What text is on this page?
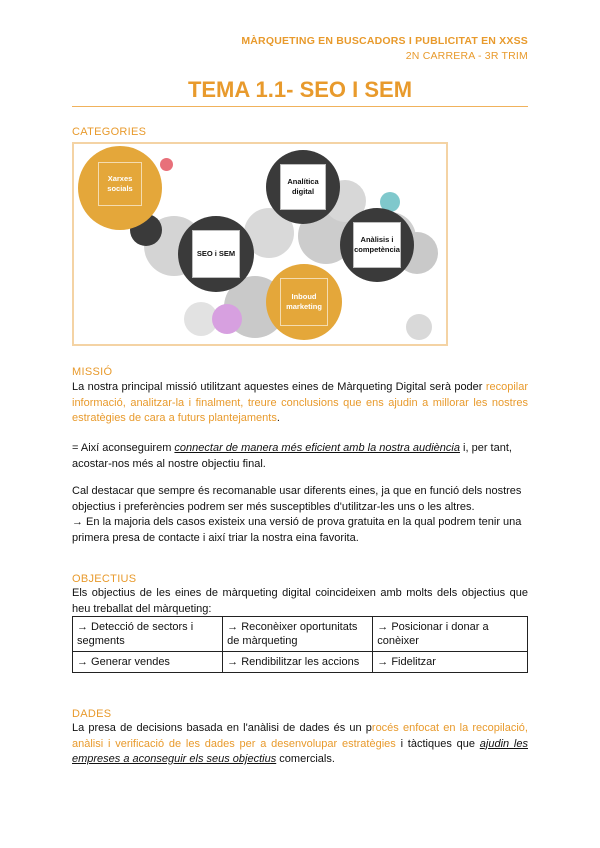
MÀRQUETING EN BUSCADORS I PUBLICITAT EN XXSS
2N CARRERA - 3R TRIM
TEMA 1.1- SEO I SEM
CATEGORIES
Xarxes socials
Analítica digital
SEO i SEM
Anàlisis i competència
Inboud marketing
MISSIÓ
La nostra principal missió utilitzant aquestes eines de Màrqueting Digital serà poder recopilar informació, analitzar-la i finalment, treure conclusions que ens ajudin a millorar les nostres estratègies de cara a futurs plantejaments.
= Així aconseguirem connectar de manera més eficient amb la nostra audiència i, per tant, acostar-nos més al nostre objectiu final.
Cal destacar que sempre és recomanable usar diferents eines, ja que en funció dels nostres objectius i preferències podrem ser més susceptibles d'utilitzar-les uns o les altres.
→ En la majoria dels casos existeix una versió de prova gratuita en la qual podrem tenir una primera presa de contacte i així triar la nostra eina favorita.
OBJECTIUS
Els objectius de les eines de màrqueting digital coincideixen amb molts dels objectius que heu treballat del màrqueting:
→ Detecció de sectors i segments	→ Reconèixer oportunitats de màrqueting	→ Posicionar i donar a conèixer
→ Generar vendes	→ Rendibilitzar les accions	→ Fidelitzar
DADES
La presa de decisions basada en l'anàlisi de dades és un procés enfocat en la recopilació, anàlisi i verificació de les dades per a desenvolupar estratègies i tàctiques que ajudin les empreses a aconseguir els seus objectius comercials.
